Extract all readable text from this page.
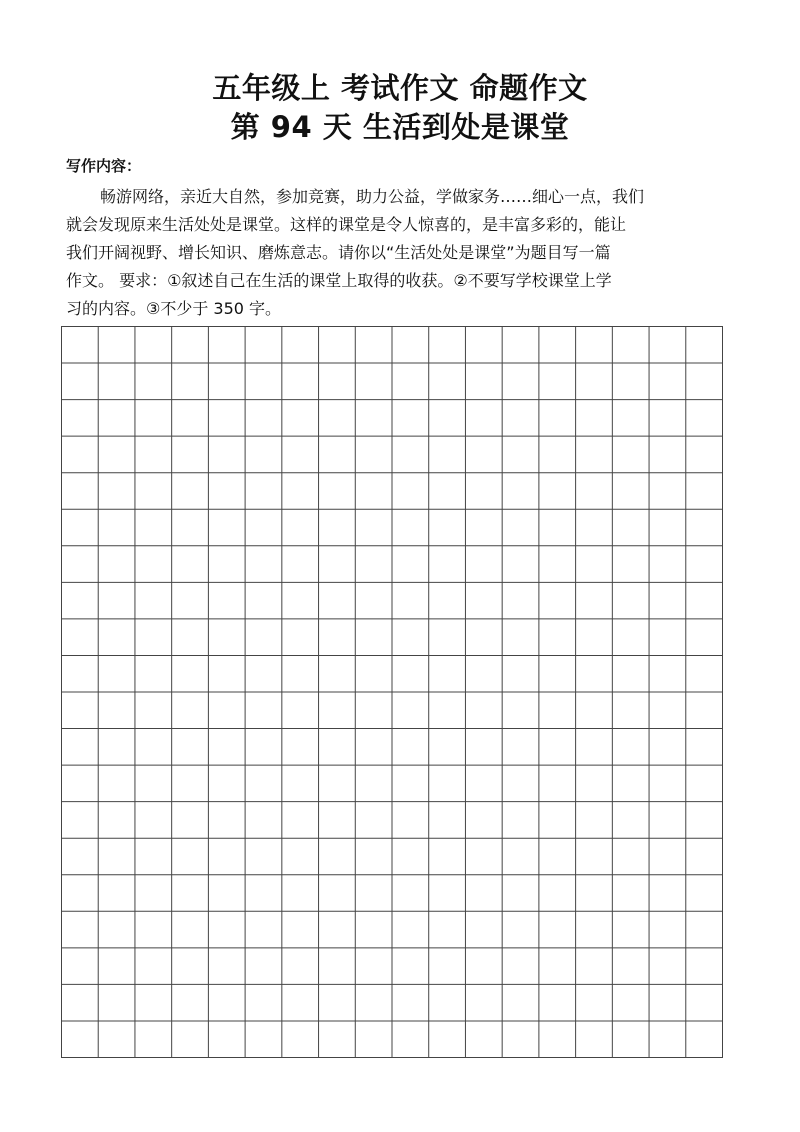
五年级上 考试作文 命题作文
第 94 天 生活到处是课堂
写作内容：
畅游网络，亲近大自然，参加竞赛，助力公益，学做家务……细心一点，我们
就会发现原来生活处处是课堂。这样的课堂是令人惊喜的，是丰富多彩的，能让
我们开阔视野、增长知识、磨炼意志。请你以“生活处处是课堂”为题目写一篇
作文。 要求：①叙述自己在生活的课堂上取得的收获。②不要写学校课堂上学
习的内容。③不少于 350 字。
